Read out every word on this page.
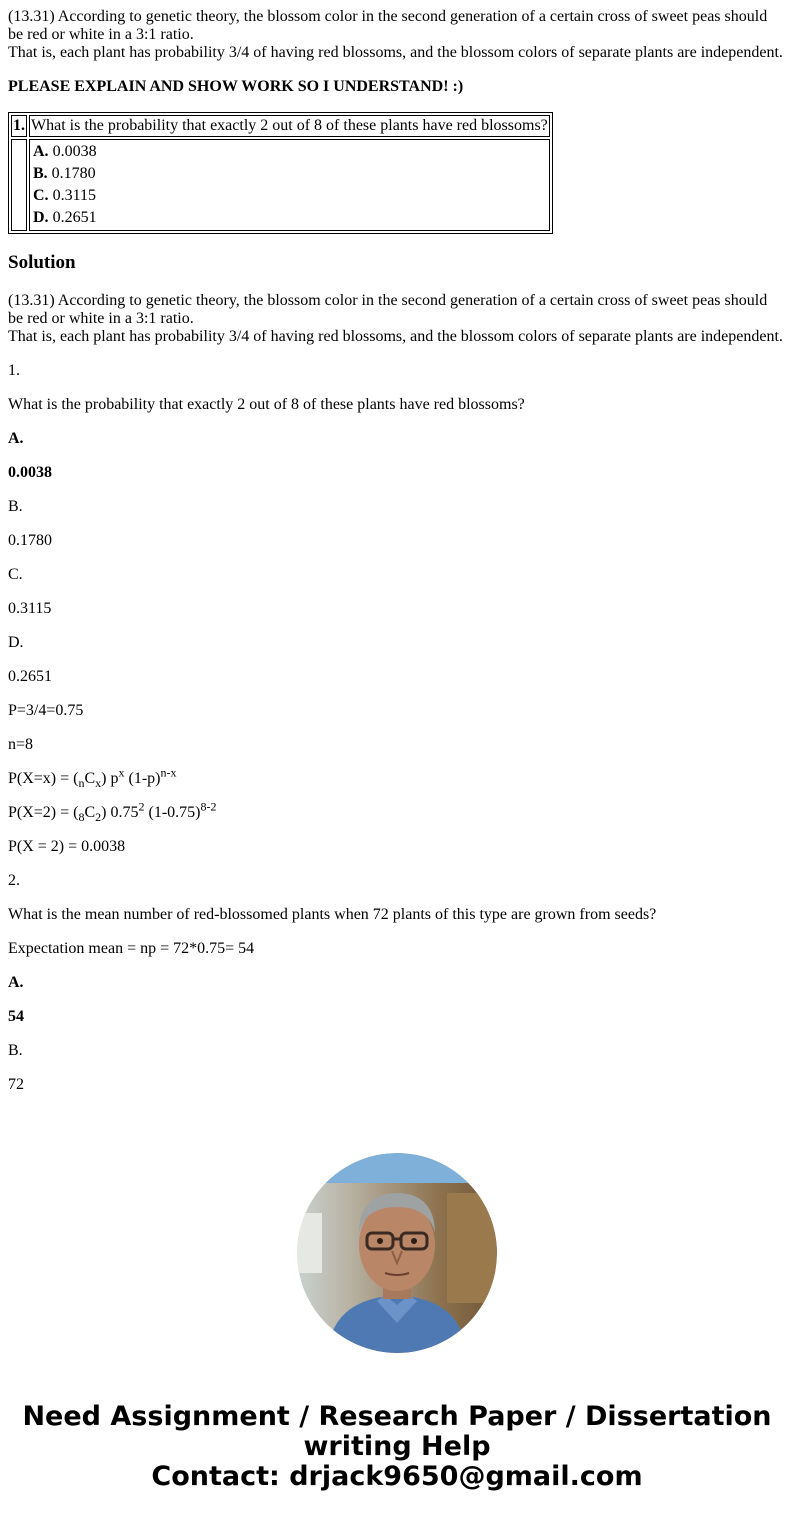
(13.31) According to genetic theory, the blossom color in the second generation of a certain cross of sweet peas should be red or white in a 3:1 ratio.
That is, each plant has probability 3/4 of having red blossoms, and the blossom colors of separate plants are independent.

PLEASE EXPLAIN AND SHOW WORK SO I UNDERSTAND! :)

1.	What is the probability that exactly 2 out of 8 of these plants have red blossoms?

	A. 0.0038
B. 0.1780
C. 0.3115
D. 0.2651
Solution
(13.31) According to genetic theory, the blossom color in the second generation of a certain cross of sweet peas should be red or white in a 3:1 ratio.
That is, each plant has probability 3/4 of having red blossoms, and the blossom colors of separate plants are independent.

1.

What is the probability that exactly 2 out of 8 of these plants have red blossoms?

A.

0.0038

B.

0.1780

C.

0.3115

D.

0.2651

P=3/4=0.75

n=8

$P(X=x) = (_nC_x)$ $p^x$ $(1-p)^{n-x}$

$P(X=2) = (_8C_2)$ 0.75$^2$ $(1-0.75)^{8-2}$

P(X = 2) = 0.0038

2.

What is the mean number of red-blossomed plants when 72 plants of this type are grown from seeds?

Expectation mean = np = 72*0.75= 54

A.

54

B.

72

Need Assignment / Research Paper / Dissertation
writing Help
Contact: drjack9650@gmail.com
